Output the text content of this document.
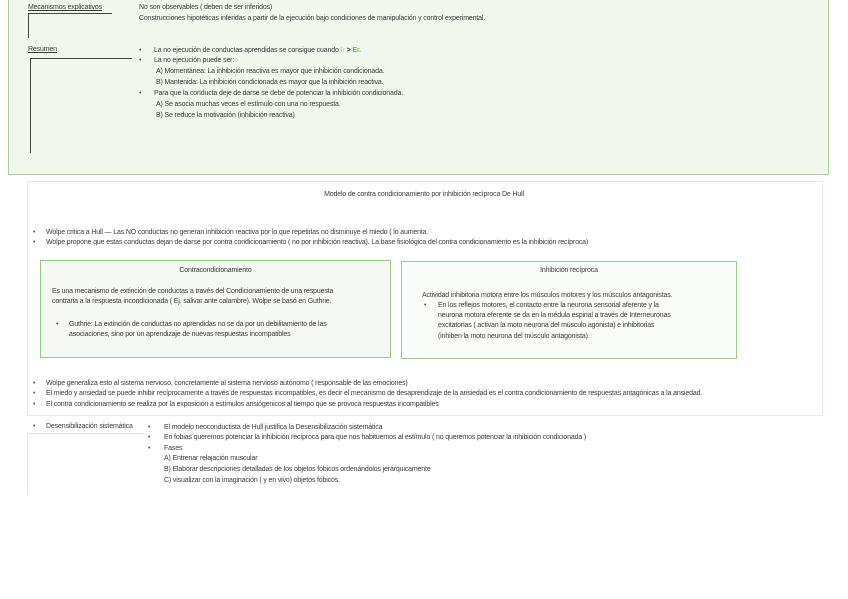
Mecanismos explicativos	No son observables ( deben de ser inferidos)
Construcciones hipotéticas inferidas a partir de la ejecución bajo condiciones de manipulación y control experimental.
Resumen	• La no ejecución de conductas aprendidas se consigue cuando Ir > Er.
• La no ejecución puede ser:
A) Momentánea: La inhibición reactiva es mayor que inhibición condicionada.
B) Mantenida: La inhibición condicionada es mayor que la inhibición reactiva.
• Para que la conducta deje de darse se debe de potenciar la inhibición condicionada.
A) Se asocia muchas veces el estímulo con una no respuesta.
B) Se reduce la motivación (inhibición reactiva)
Modelo de contra condicionamiento por inhibición recíproca De Hull
• Wolpe critica a Hull — Las NO conductas no generan inhibición reactiva por lo que repetirlas no disminuye el miedo ( lo aumenta.
• Wolpe propone que estas conductas dejan de darse por contra condicionamiento ( no por inhibición reactiva). La base fisiológica del contra condicionamiento es la inhibición recíproca)
Contracondicionamiento
Es una mecanismo de extinción de conductas a través del Condicionamiento de una respuesta
contraria a la respuesta incondicionada ( Ej. salivar ante calambre). Wolpe se basó en Guthrie.
• Guthrie: La extinción de conductas no aprendidas no se da por un debilitamiento de las
asociaciones, sino por un aprendizaje de nuevas respuestas incompatibles
Inhibición recíproca
Actividad inhibitoria motora entre los músculos motores y los músculos antagonistas.
• En los reflejos motores, el contacto entre la neurona sensorial aferente y la
neurona motora eferente se da en la médula espinal a través de Interneuronas
excitatorias ( activan la moto neurona del músculo agonista) e inhibitorias
(inhiben la moto neurona del músculo antagonista).
• Wolpe generaliza esto al sistema nervioso, concretamente al sistema nervioso autónomo ( responsable de las emociones)
• El miedo y ansiedad se puede inhibir recíprocamente a través de respuestas incompatibles, es decir el mecanismo de desaprendizaje de la ansiedad es el contra condicionamiento de respuestas antagónicas a la ansiedad.
• El contra condicionamiento se realiza por la exposición a estímulos ansiógenicos al tiempo que se provoca respuestas incompatibles
• Desensibilización sistemática • El modelo neoconductista de Hull justifica la Desensibilización sistemática
• En fobias queremos potenciar la inhibición recíproca para que nos habituemos al estímulo ( no queremos potenciar la inhibición condicionada )
• Fases
A) Entrenar relajación muscular
B) Elaborar descripciones detalladas de los objetos fóbicos ordenándolos jerárquicamente
C) visualizar con la imaginación ( y en vivo) objetos fóbicos.
